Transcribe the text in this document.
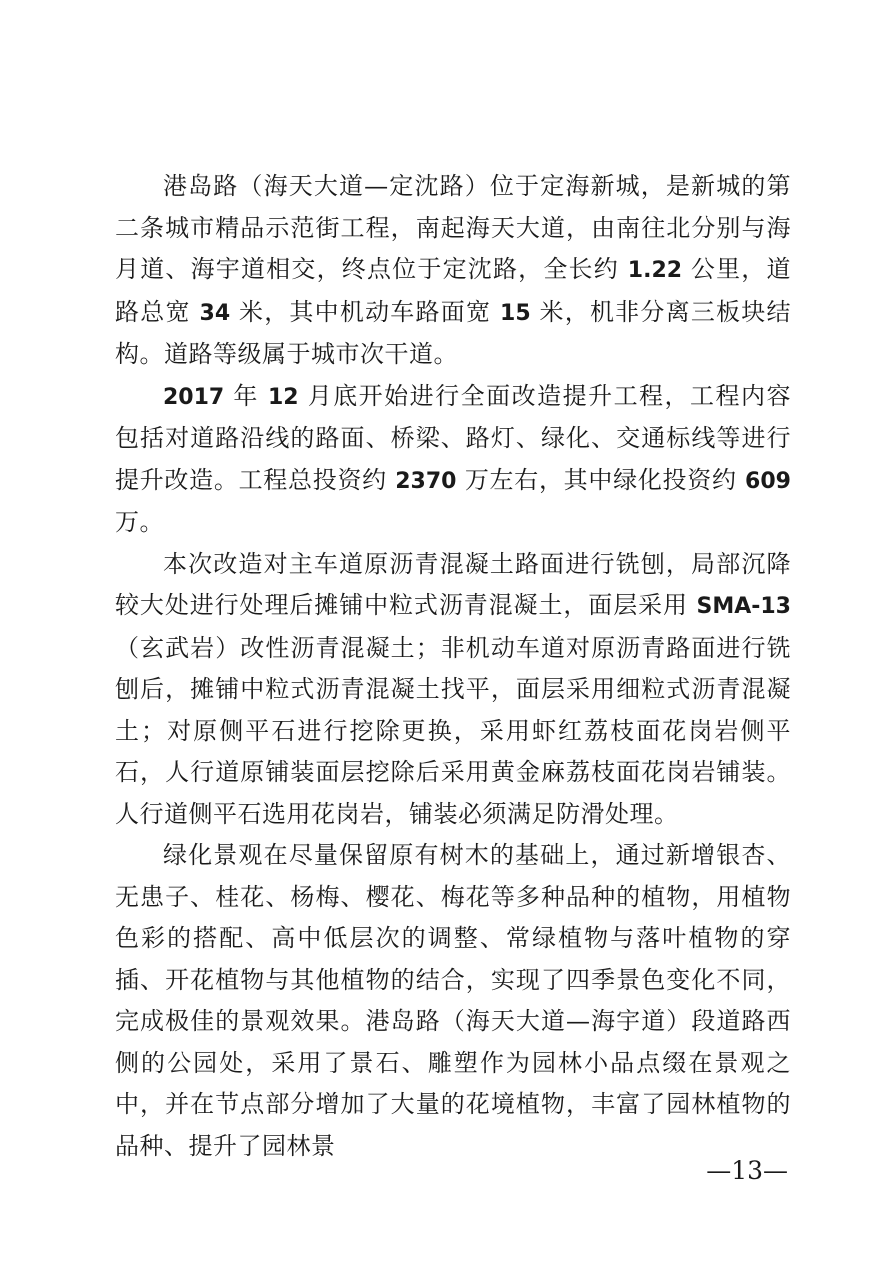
港岛路（海天大道—定沈路）位于定海新城，是新城的第二条城市精品示范街工程，南起海天大道，由南往北分别与海月道、海宇道相交，终点位于定沈路，全长约 1.22 公里，道路总宽 34 米，其中机动车路面宽 15 米，机非分离三板块结构。道路等级属于城市次干道。

2017 年 12 月底开始进行全面改造提升工程，工程内容包括对道路沿线的路面、桥梁、路灯、绿化、交通标线等进行提升改造。工程总投资约 2370 万左右，其中绿化投资约 609 万。

本次改造对主车道原沥青混凝土路面进行铣刨，局部沉降较大处进行处理后摊铺中粒式沥青混凝土，面层采用 SMA-13（玄武岩）改性沥青混凝土；非机动车道对原沥青路面进行铣刨后，摊铺中粒式沥青混凝土找平，面层采用细粒式沥青混凝土；对原侧平石进行挖除更换，采用虾红荔枝面花岗岩侧平石，人行道原铺装面层挖除后采用黄金麻荔枝面花岗岩铺装。人行道侧平石选用花岗岩，铺装必须满足防滑处理。

绿化景观在尽量保留原有树木的基础上，通过新增银杏、无患子、桂花、杨梅、樱花、梅花等多种品种的植物，用植物色彩的搭配、高中低层次的调整、常绿植物与落叶植物的穿插、开花植物与其他植物的结合，实现了四季景色变化不同，完成极佳的景观效果。港岛路（海天大道—海宇道）段道路西侧的公园处，采用了景石、雕塑作为园林小品点缀在景观之中，并在节点部分增加了大量的花境植物，丰富了园林植物的品种、提升了园林景

—13—
